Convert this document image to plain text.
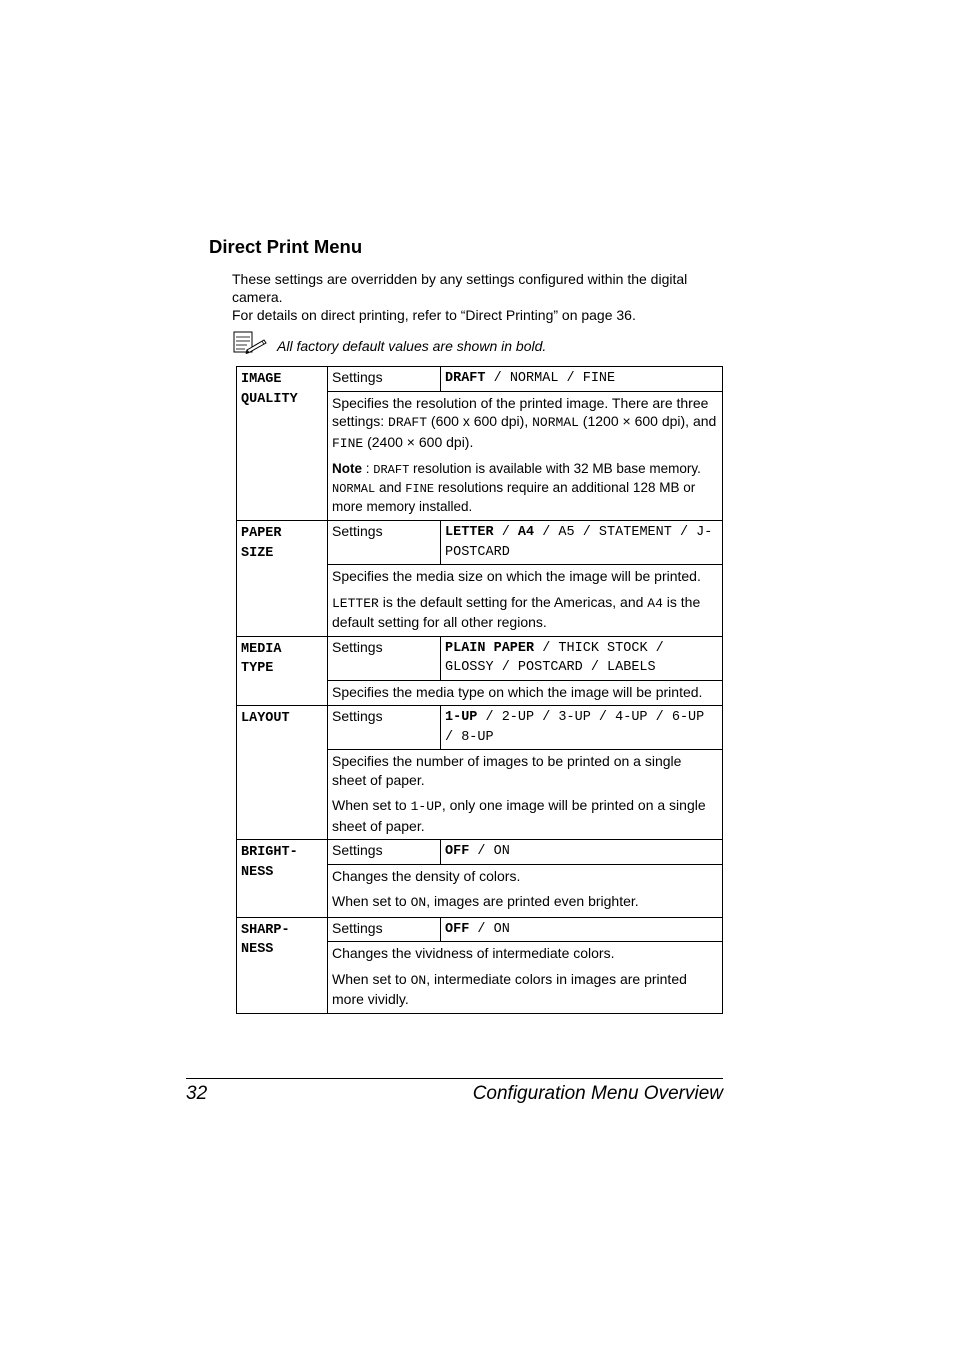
Direct Print Menu

These settings are overridden by any settings configured within the digital camera.

For details on direct printing, refer to “Direct Printing” on page 36.

All factory default values are shown in bold.

IMAGE
QUALITY	Settings	DRAFT / NORMAL / FINE

	Specifies the resolution of the printed image. There are three settings: DRAFT (600 x 600 dpi), NORMAL (1200 × 600 dpi), and FINE (2400 × 600 dpi).

Note : DRAFT resolution is available with 32 MB base memory. NORMAL and FINE resolutions require an additional 128 MB or more memory installed.	

PAPER
SIZE	Settings	LETTER / A4 / A5 / STATEMENT / J-POSTCARD

	Specifies the media size on which the image will be printed.

LETTER is the default setting for the Americas, and A4 is the default setting for all other regions.	

MEDIA
TYPE	Settings	PLAIN PAPER / THICK STOCK / GLOSSY / POSTCARD / LABELS

	Specifies the media type on which the image will be printed.	

LAYOUT	Settings	1-UP / 2-UP / 3-UP / 4-UP / 6-UP / 8-UP

	Specifies the number of images to be printed on a single sheet of paper.

When set to 1-UP, only one image will be printed on a single sheet of paper.	

BRIGHT-
NESS	Settings	OFF / ON

	Changes the density of colors.

When set to ON, images are printed even brighter.	

SHARP-
NESS	Settings	OFF / ON

	Changes the vividness of intermediate colors.

When set to ON, intermediate colors in images are printed more vividly.	

32	Configuration Menu Overview
